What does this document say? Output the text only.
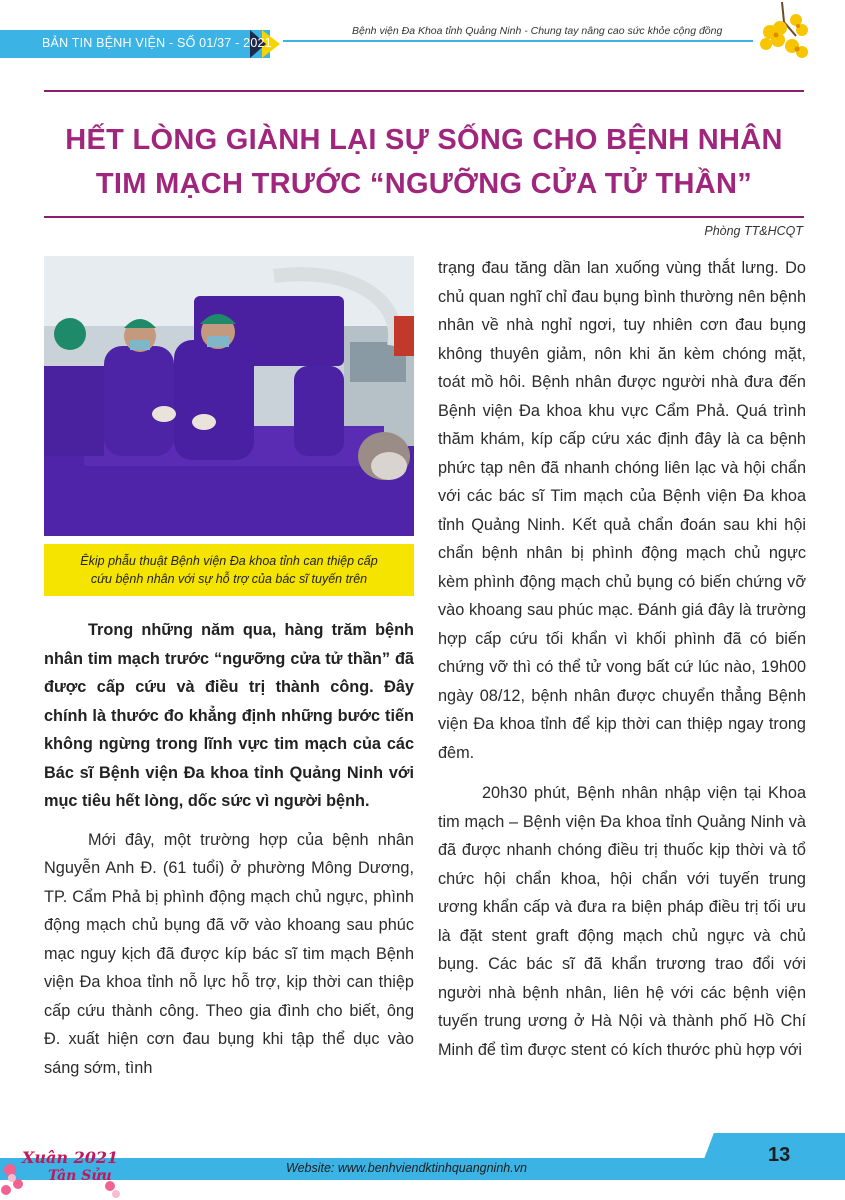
BẢN TIN BỆNH VIỆN - SỐ 01/37 - 2021
Bệnh viện Đa Khoa tỉnh Quảng Ninh - Chung tay nâng cao sức khỏe cộng đồng
HẾT LÒNG GIÀNH LẠI SỰ SỐNG CHO BỆNH NHÂN
TIM MẠCH TRƯỚC “NGƯỠNG CỬA TỬ THẦN”
Phòng TT&HCQT
Êkip phẫu thuật Bệnh viện Đa khoa tỉnh can thiệp cấp
cứu bệnh nhân với sự hỗ trợ của bác sĩ tuyến trên

Trong những năm qua, hàng trăm bệnh nhân tim mạch trước “ngưỡng cửa tử thần” đã được cấp cứu và điều trị thành công. Đây chính là thước đo khẳng định những bước tiến không ngừng trong lĩnh vực tim mạch của các Bác sĩ Bệnh viện Đa khoa tỉnh Quảng Ninh với mục tiêu hết lòng, dốc sức vì người bệnh.

Mới đây, một trường hợp của bệnh nhân Nguyễn Anh Đ. (61 tuổi) ở phường Mông Dương, TP. Cẩm Phả bị phình động mạch chủ ngực, phình động mạch chủ bụng đã vỡ vào khoang sau phúc mạc nguy kịch đã được kíp bác sĩ tim mạch Bệnh viện Đa khoa tỉnh nỗ lực hỗ trợ, kịp thời can thiệp cấp cứu thành công. Theo gia đình cho biết, ông Đ. xuất hiện cơn đau bụng khi tập thể dục vào sáng sớm, tình

trạng đau tăng dần lan xuống vùng thắt lưng. Do chủ quan nghĩ chỉ đau bụng bình thường nên bệnh nhân về nhà nghỉ ngơi, tuy nhiên cơn đau bụng không thuyên giảm, nôn khi ăn kèm chóng mặt, toát mồ hôi. Bệnh nhân được người nhà đưa đến Bệnh viện Đa khoa khu vực Cẩm Phả. Quá trình thăm khám, kíp cấp cứu xác định đây là ca bệnh phức tạp nên đã nhanh chóng liên lạc và hội chẩn với các bác sĩ Tim mạch của Bệnh viện Đa khoa tỉnh Quảng Ninh. Kết quả chẩn đoán sau khi hội chẩn bệnh nhân bị phình động mạch chủ ngực kèm phình động mạch chủ bụng có biến chứng vỡ vào khoang sau phúc mạc. Đánh giá đây là trường hợp cấp cứu tối khẩn vì khối phình đã có biến chứng vỡ thì có thể tử vong bất cứ lúc nào, 19h00 ngày 08/12, bệnh nhân được chuyển thẳng Bệnh viện Đa khoa tỉnh để kịp thời can thiệp ngay trong đêm.

20h30 phút, Bệnh nhân nhập viện tại Khoa tim mạch – Bệnh viện Đa khoa tỉnh Quảng Ninh và đã được nhanh chóng điều trị thuốc kịp thời và tổ chức hội chẩn khoa, hội chẩn với tuyến trung ương khẩn cấp và đưa ra biện pháp điều trị tối ưu là đặt stent graft động mạch chủ ngực và chủ bụng. Các bác sĩ đã khẩn trương trao đổi với người nhà bệnh nhân, liên hệ với các bệnh viện tuyến trung ương ở Hà Nội và thành phố Hồ Chí Minh để tìm được stent có kích thước phù hợp với

Website: www.benhviendktinhquangninh.vn
13
Xuân 2021
Tân Sửu
